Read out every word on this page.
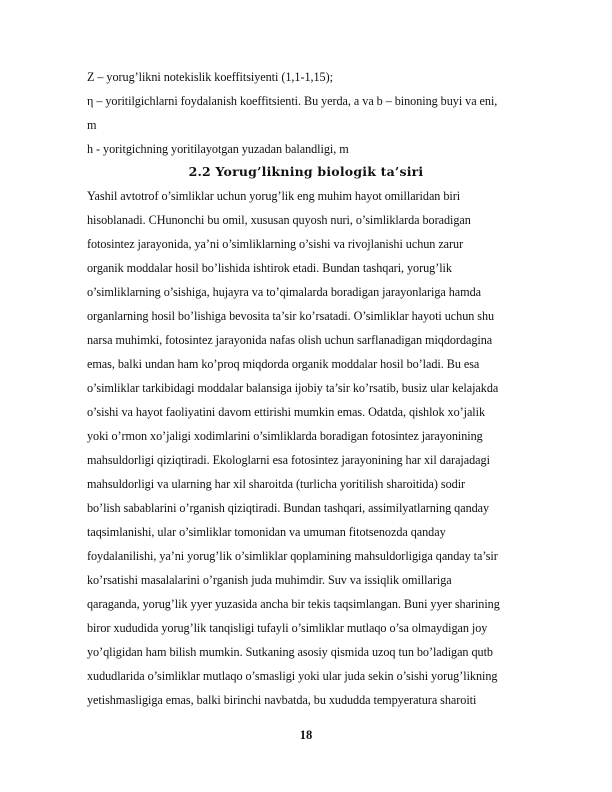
Z – yorug’likni notekislik koeffitsiyenti (1,1-1,15);
η – yoritilgichlarni foydalanish koeffitsienti. Bu yerda, a va b – binoning buyi va eni,
m
h - yoritgichning yoritilayotgan yuzadan balandligi, m
2.2 Yorug’likning biologik ta’siri
Yashil avtotrof o’simliklar uchun yorug’lik eng muhim hayot omillaridan biri
hisoblanadi. CHunonchi bu omil, xususan quyosh nuri, o’simliklarda boradigan
fotosintez jarayonida, ya’ni o’simliklarning o’sishi va rivojlanishi uchun zarur
organik moddalar hosil bo’lishida ishtirok etadi. Bundan tashqari, yorug’lik
o’simliklarning o’sishiga, hujayra va to’qimalarda boradigan jarayonlariga hamda
organlarning hosil bo’lishiga bevosita ta’sir ko’rsatadi. O’simliklar hayoti uchun shu
narsa muhimki, fotosintez jarayonida nafas olish uchun sarflanadigan miqdordagina
emas, balki undan ham ko’proq miqdorda organik moddalar hosil bo’ladi. Bu esa
o’simliklar tarkibidagi moddalar balansiga ijobiy ta’sir ko’rsatib, busiz ular kelajakda
o’sishi va hayot faoliyatini davom ettirishi mumkin emas. Odatda, qishlok xo’jalik
yoki o’rmon xo’jaligi xodimlarini o’simliklarda boradigan fotosintez jarayonining
mahsuldorligi qiziqtiradi. Ekologlarni esa fotosintez jarayonining har xil darajadagi
mahsuldorligi va ularning har xil sharoitda (turlicha yoritilish sharoitida) sodir
bo’lish sabablarini o’rganish qiziqtiradi. Bundan tashqari, assimilyatlarning qanday
taqsimlanishi, ular o’simliklar tomonidan va umuman fitotsenozda qanday
foydalanilishi, ya’ni yorug’lik o’simliklar qoplamining mahsuldorligiga qanday ta’sir
ko’rsatishi masalalarini o’rganish juda muhimdir. Suv va issiqlik omillariga
qaraganda, yorug’lik yyer yuzasida ancha bir tekis taqsimlangan. Buni yyer sharining
biror xududida yorug’lik tanqisligi tufayli o’simliklar mutlaqo o’sa olmaydigan joy
yo’qligidan ham bilish mumkin. Sutkaning asosiy qismida uzoq tun bo’ladigan qutb
xududlarida o’simliklar mutlaqo o’smasligi yoki ular juda sekin o’sishi yorug’likning
yetishmasligiga emas, balki birinchi navbatda, bu xududda tempyeratura sharoiti
18
